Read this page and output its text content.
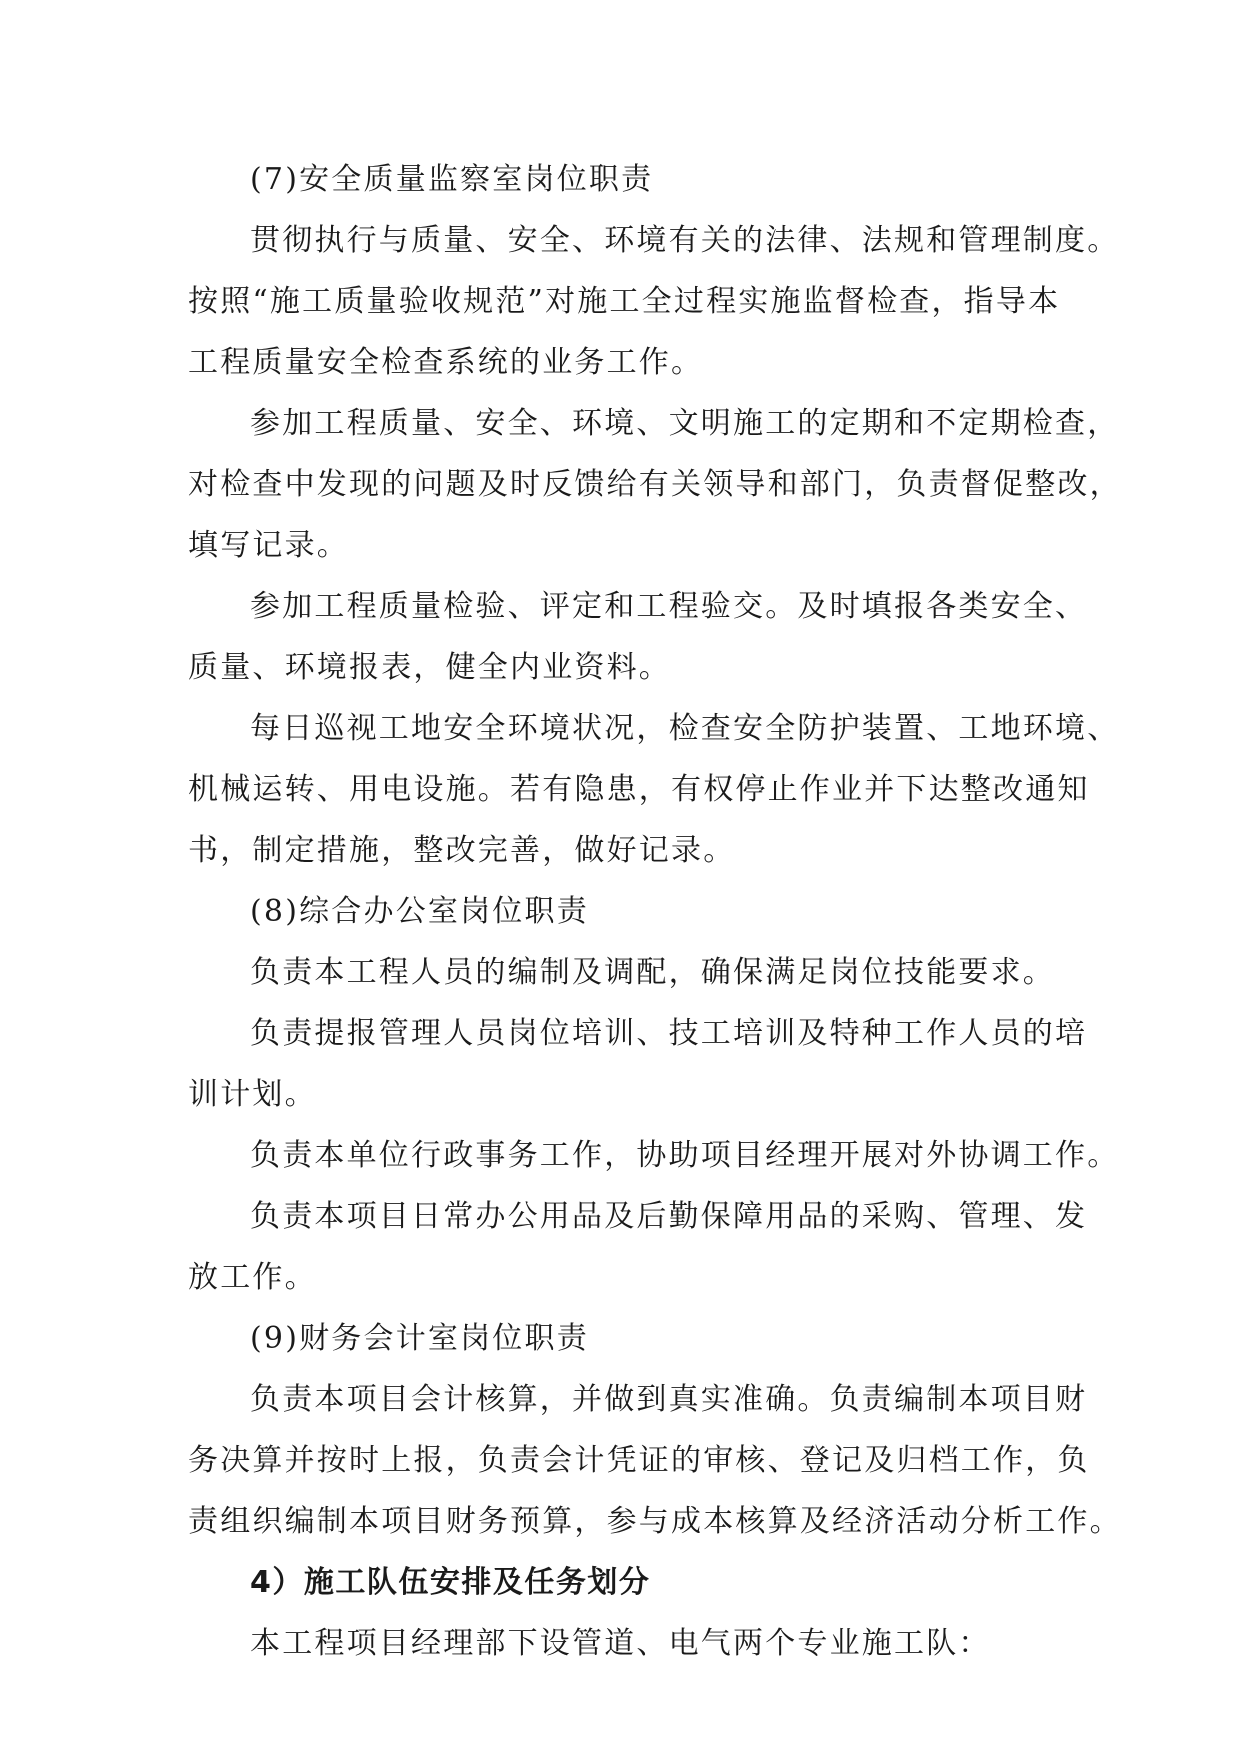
(7)安全质量监察室岗位职责

贯彻执行与质量、安全、环境有关的法律、法规和管理制度。
按照“施工质量验收规范”对施工全过程实施监督检查，指导本
工程质量安全检查系统的业务工作。

参加工程质量、安全、环境、文明施工的定期和不定期检查，
对检查中发现的问题及时反馈给有关领导和部门，负责督促整改，
填写记录。

参加工程质量检验、评定和工程验交。及时填报各类安全、
质量、环境报表，健全内业资料。

每日巡视工地安全环境状况，检查安全防护装置、工地环境、
机械运转、用电设施。若有隐患，有权停止作业并下达整改通知
书，制定措施，整改完善，做好记录。

(8)综合办公室岗位职责

负责本工程人员的编制及调配，确保满足岗位技能要求。

负责提报管理人员岗位培训、技工培训及特种工作人员的培
训计划。

负责本单位行政事务工作，协助项目经理开展对外协调工作。

负责本项目日常办公用品及后勤保障用品的采购、管理、发
放工作。

(9)财务会计室岗位职责

负责本项目会计核算，并做到真实准确。负责编制本项目财
务决算并按时上报，负责会计凭证的审核、登记及归档工作，负
责组织编制本项目财务预算，参与成本核算及经济活动分析工作。

4）施工队伍安排及任务划分

本工程项目经理部下设管道、电气两个专业施工队：
